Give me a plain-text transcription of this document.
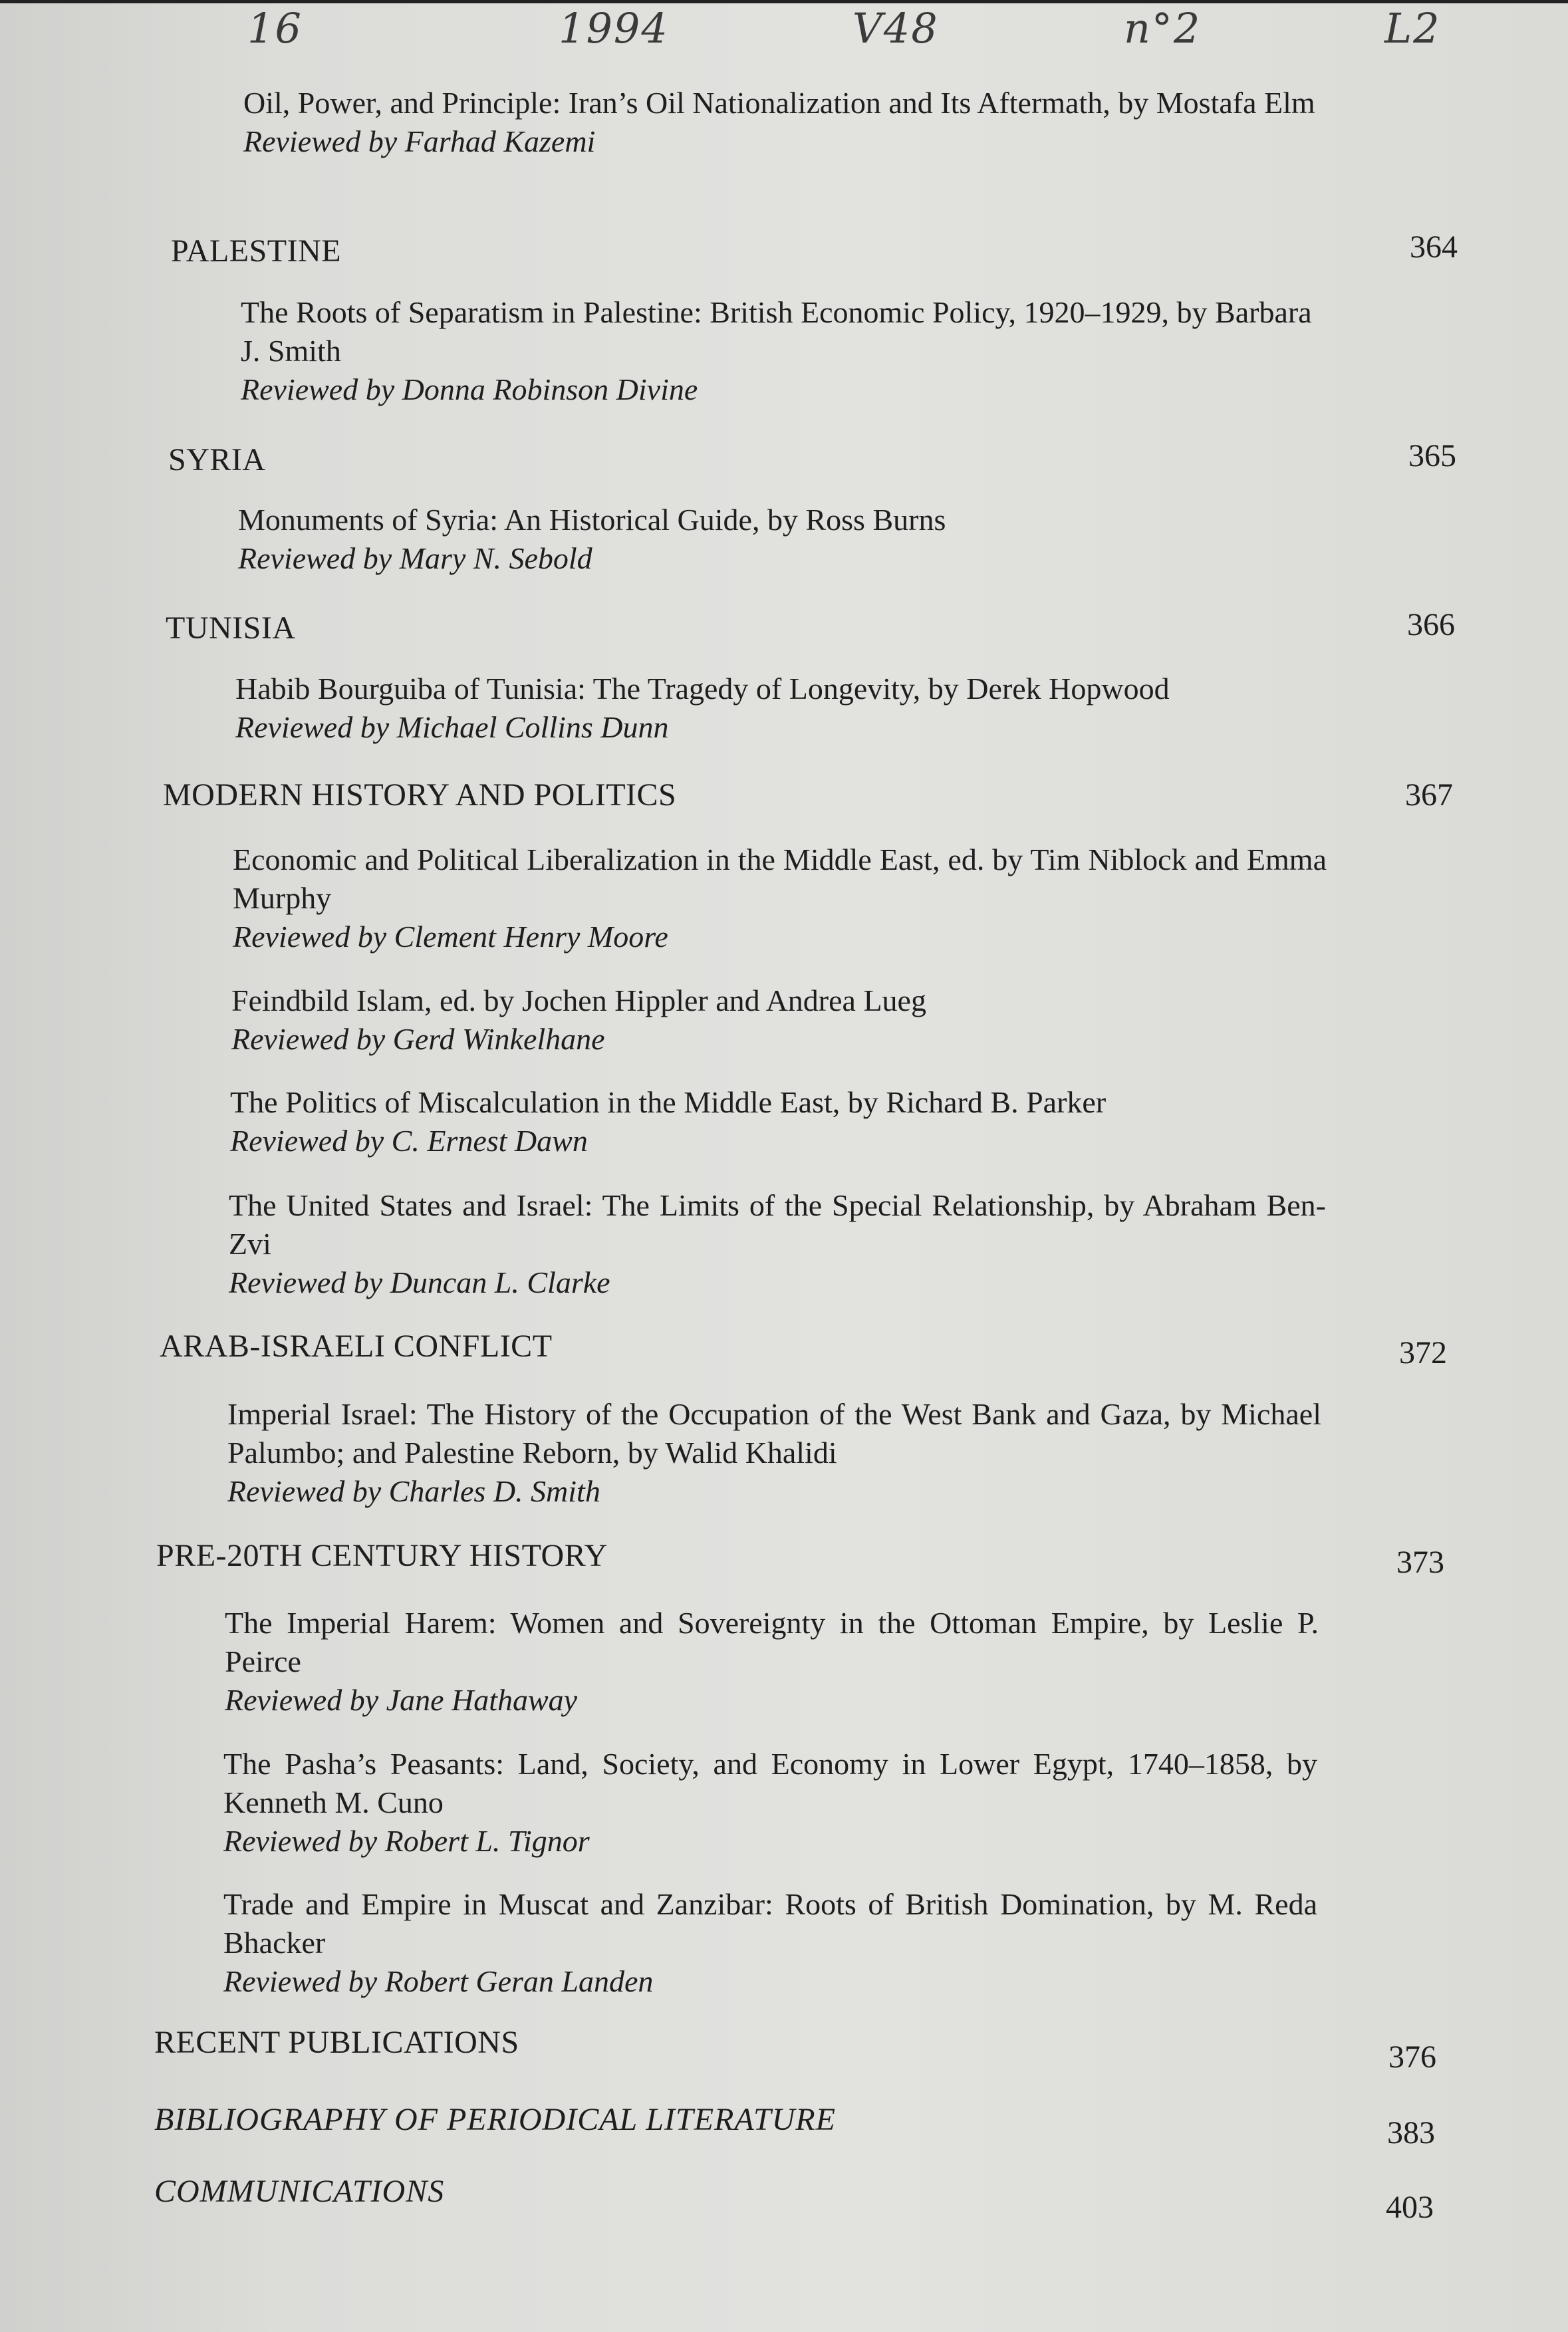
16	1994	V48	n°2	L2
Oil, Power, and Principle: Iran’s Oil Nationalization and Its Aftermath, by Mostafa Elm
Reviewed by Farhad Kazemi
PALESTINE	364
The Roots of Separatism in Palestine: British Economic Policy, 1920–1929, by Barbara J. Smith
Reviewed by Donna Robinson Divine
SYRIA	365
Monuments of Syria: An Historical Guide, by Ross Burns
Reviewed by Mary N. Sebold
TUNISIA	366
Habib Bourguiba of Tunisia: The Tragedy of Longevity, by Derek Hopwood
Reviewed by Michael Collins Dunn
MODERN HISTORY AND POLITICS	367
Economic and Political Liberalization in the Middle East, ed. by Tim Niblock and Emma Murphy
Reviewed by Clement Henry Moore
Feindbild Islam, ed. by Jochen Hippler and Andrea Lueg
Reviewed by Gerd Winkelhane
The Politics of Miscalculation in the Middle East, by Richard B. Parker
Reviewed by C. Ernest Dawn
The United States and Israel: The Limits of the Special Relationship, by Abraham Ben-Zvi
Reviewed by Duncan L. Clarke
ARAB-ISRAELI CONFLICT	372
Imperial Israel: The History of the Occupation of the West Bank and Gaza, by Michael Palumbo; and Palestine Reborn, by Walid Khalidi
Reviewed by Charles D. Smith
PRE-20TH CENTURY HISTORY	373
The Imperial Harem: Women and Sovereignty in the Ottoman Empire, by Leslie P. Peirce
Reviewed by Jane Hathaway
The Pasha’s Peasants: Land, Society, and Economy in Lower Egypt, 1740–1858, by Kenneth M. Cuno
Reviewed by Robert L. Tignor
Trade and Empire in Muscat and Zanzibar: Roots of British Domination, by M. Reda Bhacker
Reviewed by Robert Geran Landen
RECENT PUBLICATIONS	376
BIBLIOGRAPHY OF PERIODICAL LITERATURE	383
COMMUNICATIONS	403
